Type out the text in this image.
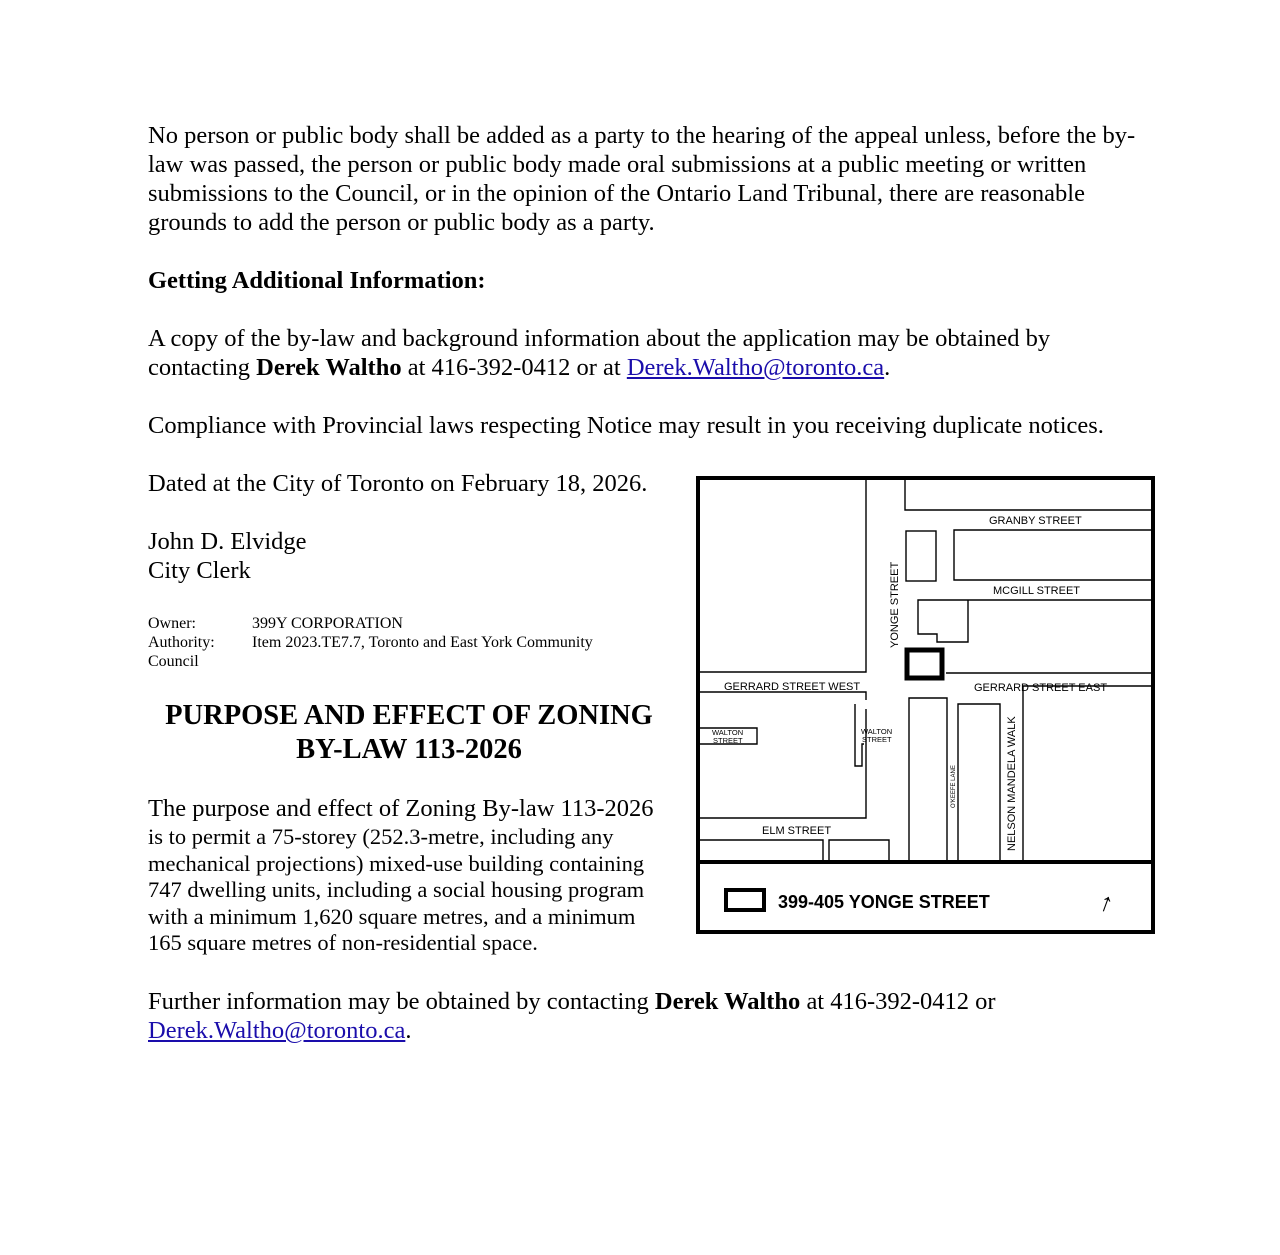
No person or public body shall be added as a party to the hearing of the appeal unless, before the by-law was passed, the person or public body made oral submissions at a public meeting or written submissions to the Council, or in the opinion of the Ontario Land Tribunal, there are reasonable grounds to add the person or public body as a party.
Getting Additional Information:
A copy of the by-law and background information about the application may be obtained by contacting Derek Waltho at 416-392-0412 or at Derek.Waltho@toronto.ca.
Compliance with Provincial laws respecting Notice may result in you receiving duplicate notices.
Dated at the City of Toronto on February 18, 2026.
John D. Elvidge
City Clerk
Owner:	399Y CORPORATION
Authority: Item 2023.TE7.7, Toronto and East York Community
Council
PURPOSE AND EFFECT OF ZONING
BY-LAW 113-2026
The purpose and effect of Zoning By-law 113-2026
is to permit a 75-storey (252.3-metre, including any
mechanical projections) mixed-use building containing
747 dwelling units, including a social housing program
with a minimum 1,620 square metres, and a minimum
165 square metres of non-residential space.
Further information may be obtained by contacting Derek Waltho at 416-392-0412 or
Derek.Waltho@toronto.ca.
GRANBY STREET
MCGILL STREET
GERRARD STREET WEST	GERRARD STREET EAST
ELM STREET
YONGE STREET
NELSON MANDELA WALK
O'KEEFE LANE
WALTON
STREET
WALTON
STREET
399-405 YONGE STREET	↑
